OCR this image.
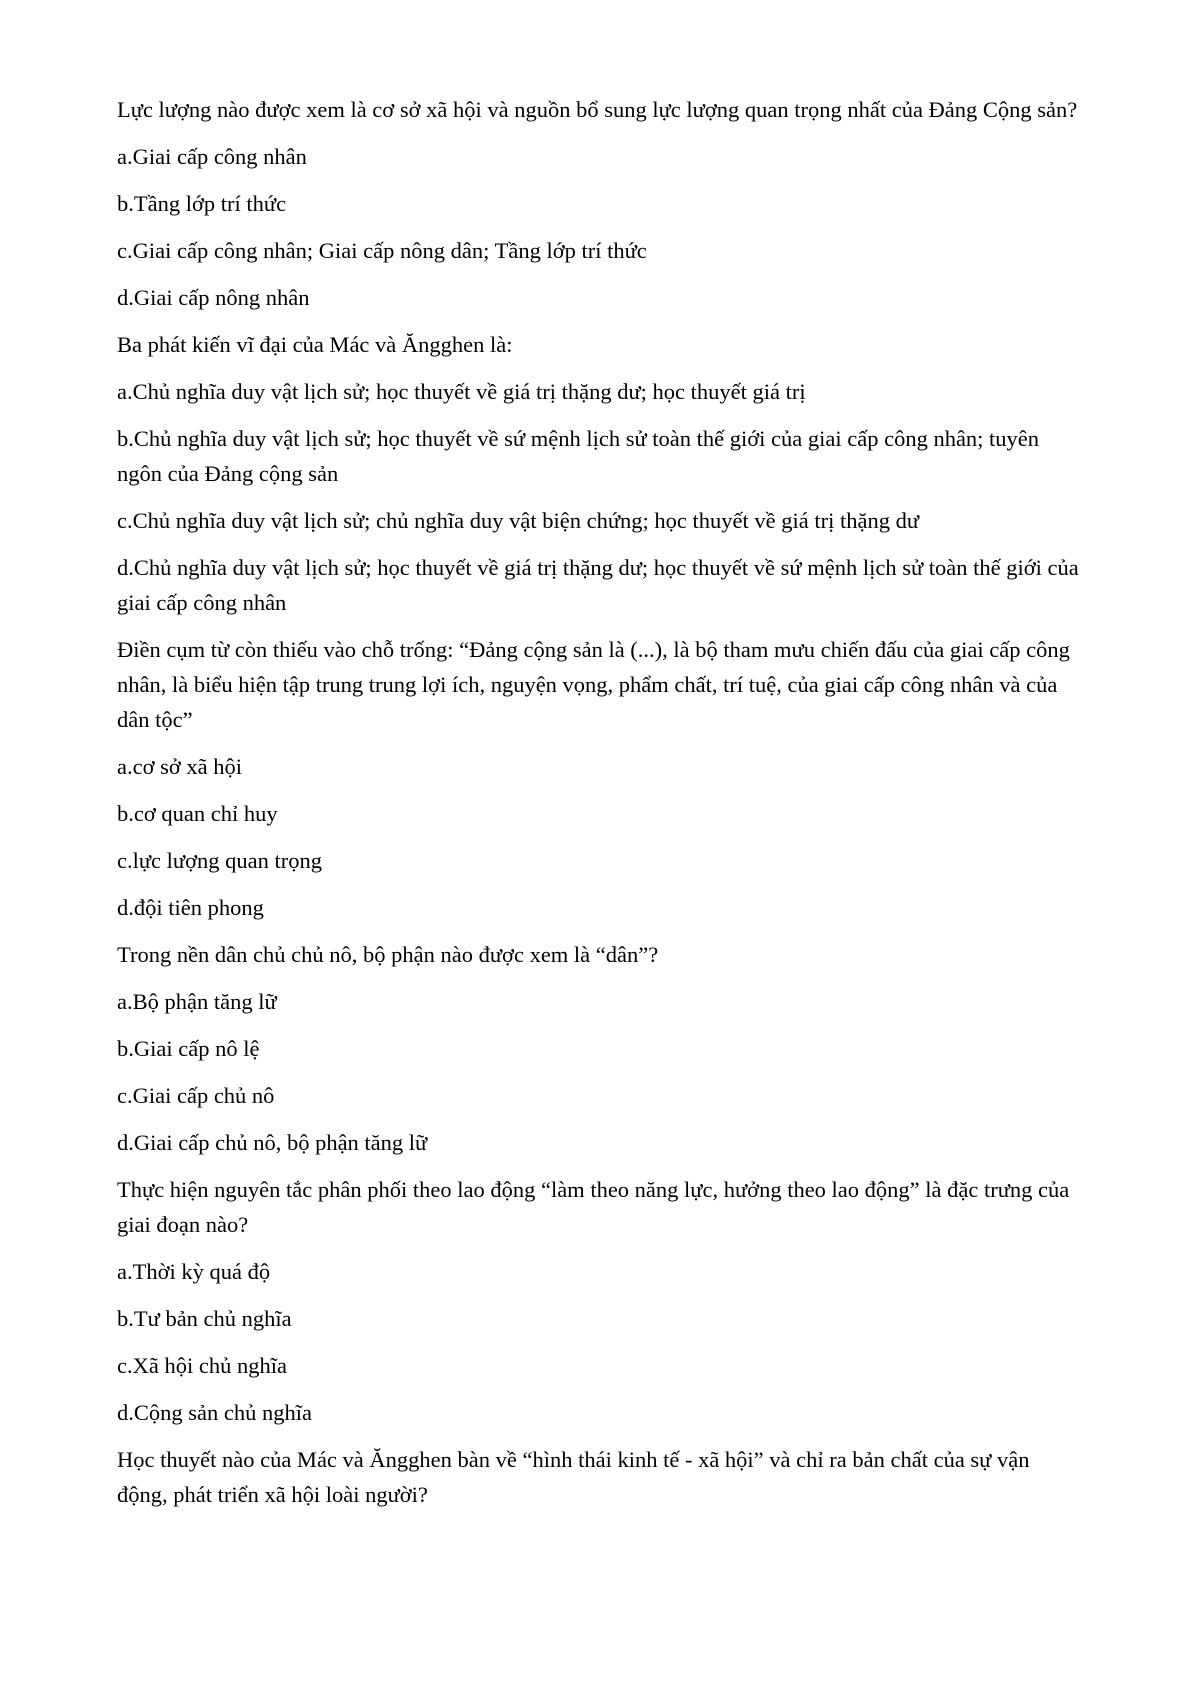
Lực lượng nào được xem là cơ sở xã hội và nguồn bổ sung lực lượng quan trọng nhất của Đảng Cộng sản?

a.Giai cấp công nhân

b.Tầng lớp trí thức

c.Giai cấp công nhân; Giai cấp nông dân; Tầng lớp trí thức

d.Giai cấp nông nhân

Ba phát kiến vĩ đại của Mác và Ăngghen là:

a.Chủ nghĩa duy vật lịch sử; học thuyết về giá trị thặng dư; học thuyết giá trị

b.Chủ nghĩa duy vật lịch sử; học thuyết về sứ mệnh lịch sử toàn thế giới của giai cấp công nhân; tuyên ngôn của Đảng cộng sản

c.Chủ nghĩa duy vật lịch sử; chủ nghĩa duy vật biện chứng; học thuyết về giá trị thặng dư

d.Chủ nghĩa duy vật lịch sử; học thuyết về giá trị thặng dư; học thuyết về sứ mệnh lịch sử toàn thế giới của giai cấp công nhân

Điền cụm từ còn thiếu vào chỗ trống: “Đảng cộng sản là (...), là bộ tham mưu chiến đấu của giai cấp công nhân, là biểu hiện tập trung trung lợi ích, nguyện vọng, phẩm chất, trí tuệ, của giai cấp công nhân và của dân tộc”

a.cơ sở xã hội

b.cơ quan chỉ huy

c.lực lượng quan trọng

d.đội tiên phong

Trong nền dân chủ chủ nô, bộ phận nào được xem là “dân”?

a.Bộ phận tăng lữ

b.Giai cấp nô lệ

c.Giai cấp chủ nô

d.Giai cấp chủ nô, bộ phận tăng lữ

Thực hiện nguyên tắc phân phối theo lao động “làm theo năng lực, hưởng theo lao động” là đặc trưng của giai đoạn nào?

a.Thời kỳ quá độ

b.Tư bản chủ nghĩa

c.Xã hội chủ nghĩa

d.Cộng sản chủ nghĩa

Học thuyết nào của Mác và Ăngghen bàn về “hình thái kinh tế - xã hội” và chỉ ra bản chất của sự vận động, phát triển xã hội loài người?
